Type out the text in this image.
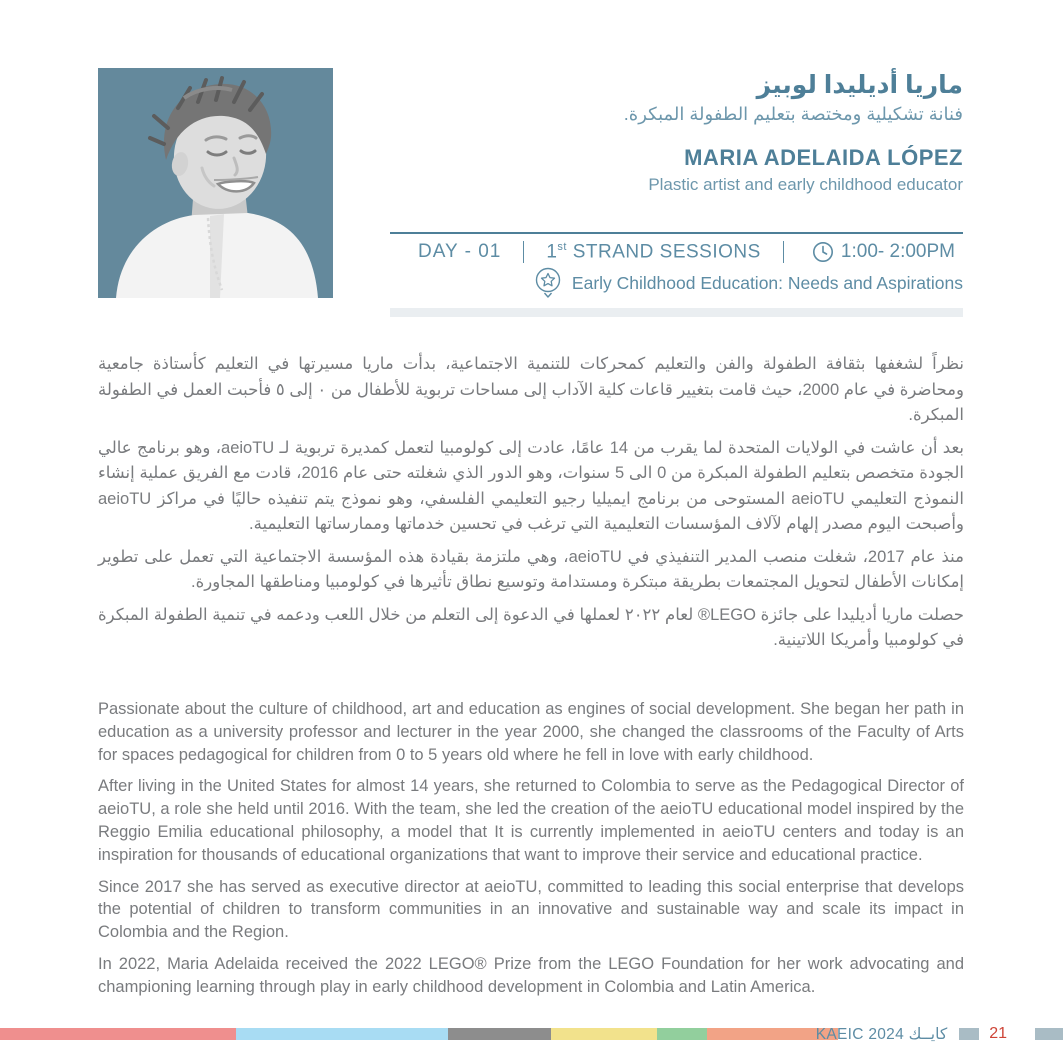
ماريا أديليدا لوبيز
فنانة تشكيلية ومختصة بتعليم الطفولة المبكرة.
MARIA ADELAIDA LÓPEZ
Plastic artist and early childhood educator
DAY - 01 1st STRAND SESSIONS	1:00- 2:00PM
Early Childhood Education: Needs and Aspirations

نظراً لشغفها بثقافة الطفولة والفن والتعليم كمحركات للتنمية الاجتماعية، بدأت ماريا مسيرتها في التعليم كأستاذة جامعية ومحاضرة في عام 2000، حيث قامت بتغيير قاعات كلية الآداب إلى مساحات تربوية للأطفال من ٠ إلى ٥ فأحبت العمل في الطفولة المبكرة.

بعد أن عاشت في الولايات المتحدة لما يقرب من 14 عامًا، عادت إلى كولومبيا لتعمل كمديرة تربوية لـ aeioTU، وهو برنامج عالي الجودة متخصص بتعليم الطفولة المبكرة من 0 الى 5 سنوات، وهو الدور الذي شغلته حتى عام 2016، قادت مع الفريق عملية إنشاء النموذج التعليمي aeioTU المستوحى من برنامج ايميليا رجيو التعليمي الفلسفي، وهو نموذج يتم تنفيذه حاليًا في مراكز aeioTU وأصبحت اليوم مصدر إلهام لآلاف المؤسسات التعليمية التي ترغب في تحسين خدماتها وممارساتها التعليمية.

منذ عام 2017، شغلت منصب المدير التنفيذي في aeioTU، وهي ملتزمة بقيادة هذه المؤسسة الاجتماعية التي تعمل على تطوير إمكانات الأطفال لتحويل المجتمعات بطريقة مبتكرة ومستدامة وتوسيع نطاق تأثيرها في كولومبيا ومناطقها المجاورة.

حصلت ماريا أديليدا على جائزة LEGO® لعام ٢٠٢٢ لعملها في الدعوة إلى التعلم من خلال اللعب ودعمه في تنمية الطفولة المبكرة في كولومبيا وأمريكا اللاتينية.

Passionate about the culture of childhood, art and education as engines of social development. She began her path in education as a university professor and lecturer in the year 2000, she changed the classrooms of the Faculty of Arts for spaces pedagogical for children from 0 to 5 years old where he fell in love with early childhood.

After living in the United States for almost 14 years, she returned to Colombia to serve as the Pedagogical Director of aeioTU, a role she held until 2016. With the team, she led the creation of the aeioTU educational model inspired by the Reggio Emilia educational philosophy, a model that It is currently implemented in aeioTU centers and today is an inspiration for thousands of educational organizations that want to improve their service and educational practice.

Since 2017 she has served as executive director at aeioTU, committed to leading this social enterprise that develops the potential of children to transform communities in an innovative and sustainable way and scale its impact in Colombia and the Region.

In 2022, Maria Adelaida received the 2022 LEGO® Prize from the LEGO Foundation for her work advocating and championing learning through play in early childhood development in Colombia and Latin America.

KAEIC 2024 كايــك	21
